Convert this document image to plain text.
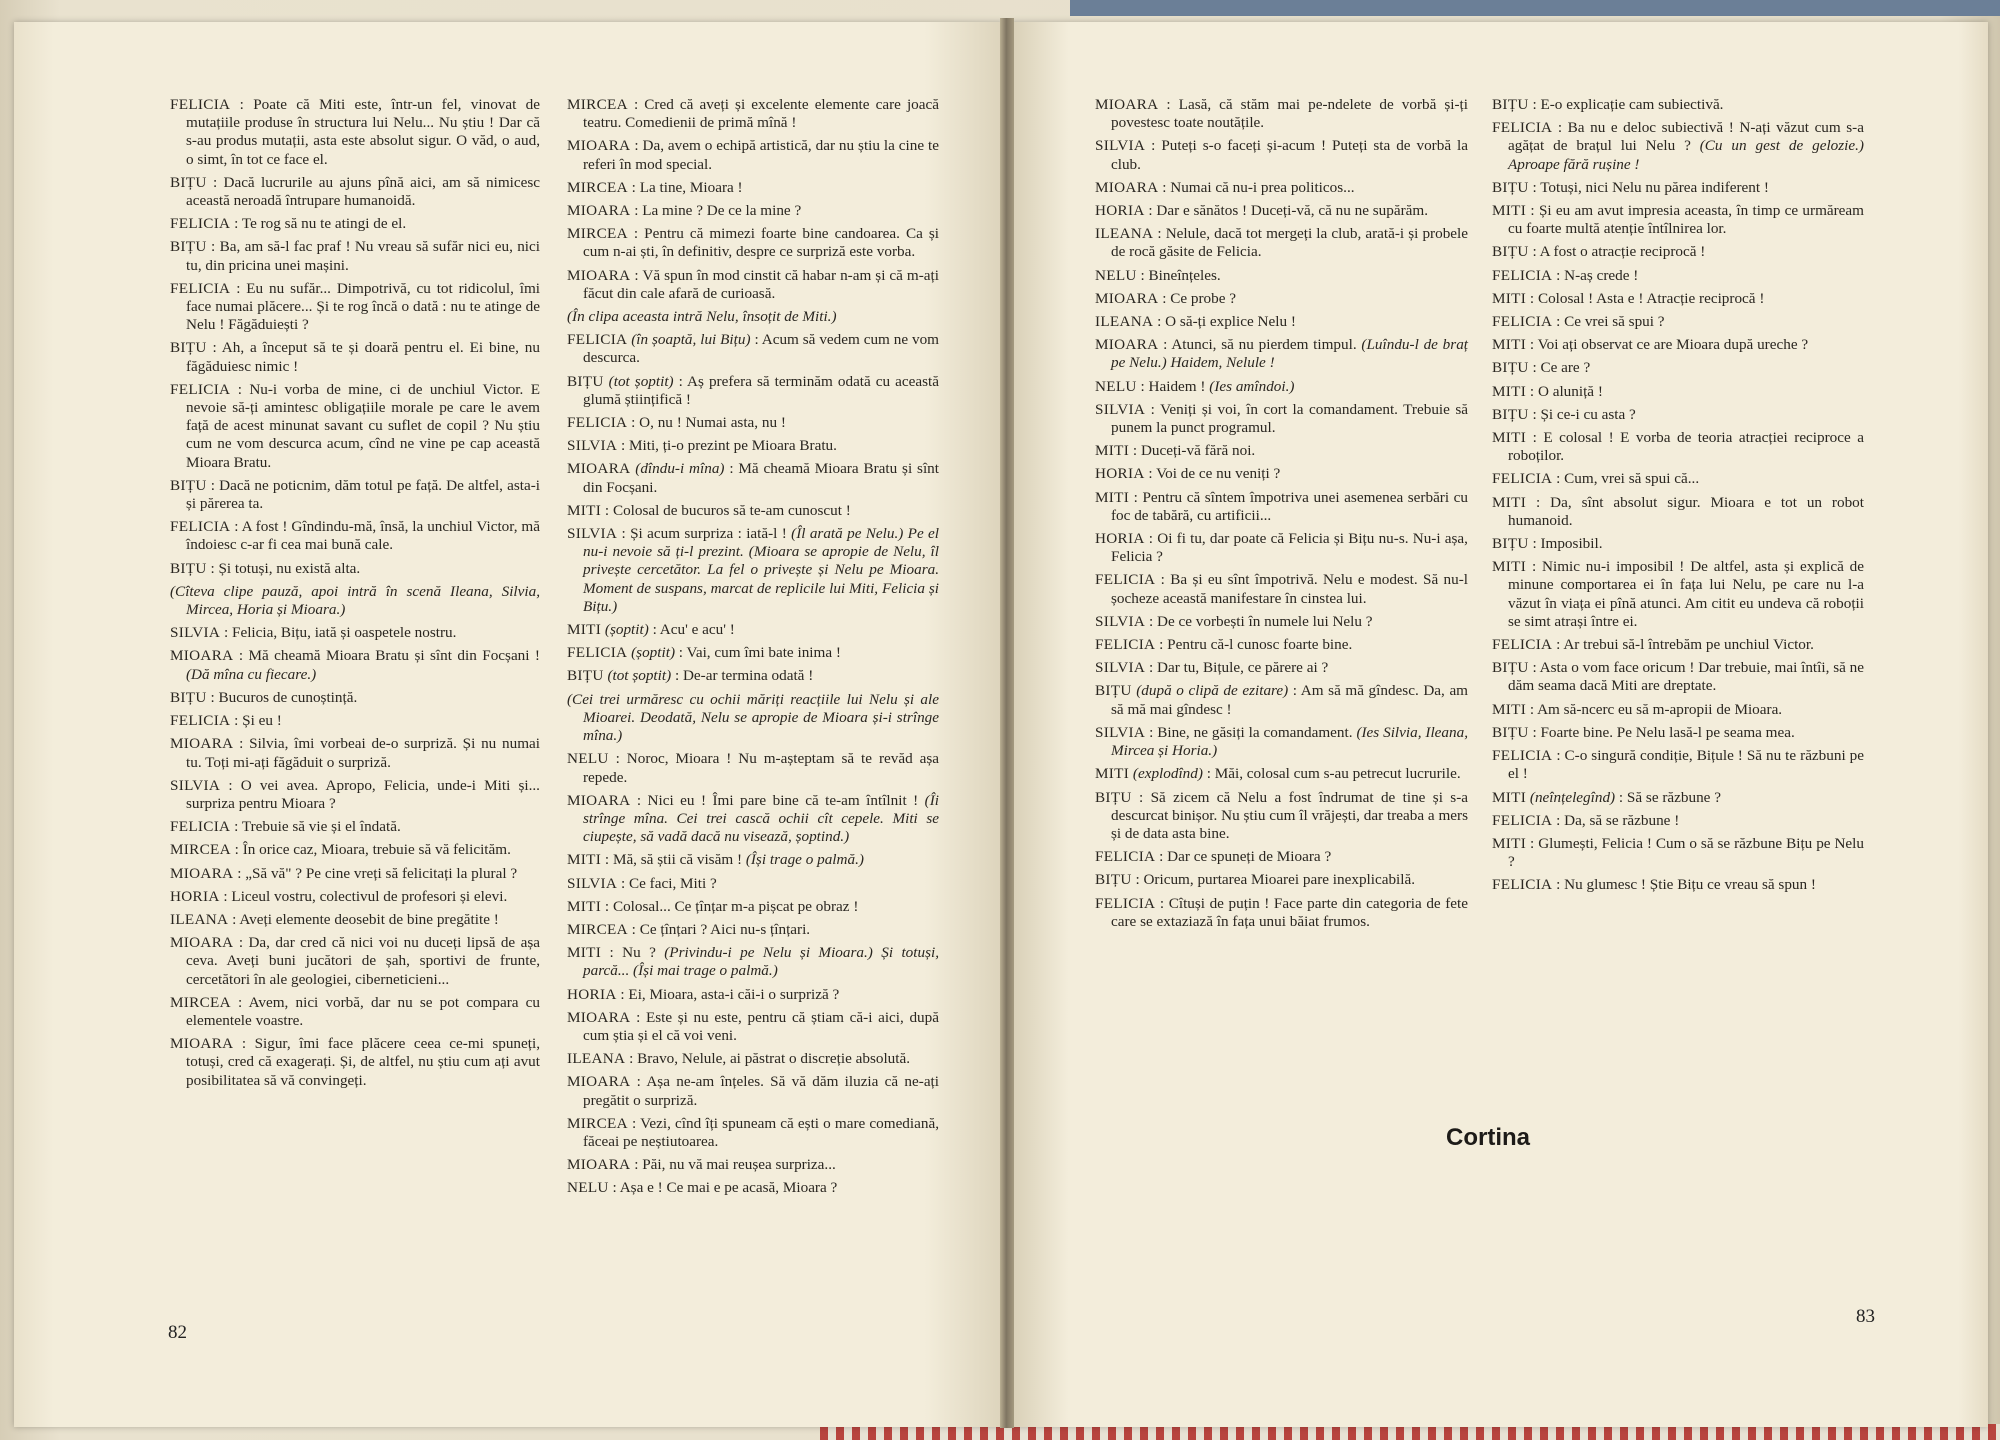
FELICIA : Poate că Miti este, într-un fel, vinovat de mutațiile produse în structura lui Nelu... Nu știu ! Dar că s-au produs mutații, asta este absolut sigur. O văd, o aud, o simt, în tot ce face el.

BIȚU : Dacă lucrurile au ajuns pînă aici, am să nimicesc această neroadă întrupare humanoidă.

FELICIA : Te rog să nu te atingi de el.

BIȚU : Ba, am să-l fac praf ! Nu vreau să sufăr nici eu, nici tu, din pricina unei mașini.

FELICIA : Eu nu sufăr... Dimpotrivă, cu tot ridicolul, îmi face numai plăcere... Și te rog încă o dată : nu te atinge de Nelu ! Făgăduiești ?

BIȚU : Ah, a început să te și doară pentru el. Ei bine, nu făgăduiesc nimic !

FELICIA : Nu-i vorba de mine, ci de unchiul Victor. E nevoie să-ți amintesc obligațiile morale pe care le avem față de acest minunat savant cu suflet de copil ? Nu știu cum ne vom descurca acum, cînd ne vine pe cap această Mioara Bratu.

BIȚU : Dacă ne poticnim, dăm totul pe față. De altfel, asta-i și părerea ta.

FELICIA : A fost ! Gîndindu-mă, însă, la unchiul Victor, mă îndoiesc c-ar fi cea mai bună cale.

BIȚU : Și totuși, nu există alta.

(Cîteva clipe pauză, apoi intră în scenă Ileana, Silvia, Mircea, Horia și Mioara.)

SILVIA : Felicia, Bițu, iată și oaspetele nostru.

MIOARA : Mă cheamă Mioara Bratu și sînt din Focșani ! (Dă mîna cu fiecare.)

BIȚU : Bucuros de cunoștință.

FELICIA : Și eu !

MIOARA : Silvia, îmi vorbeai de-o surpriză. Și nu numai tu. Toți mi-ați făgăduit o surpriză.

SILVIA : O vei avea. Apropo, Felicia, unde-i Miti și... surpriza pentru Mioara ?

FELICIA : Trebuie să vie și el îndată.

MIRCEA : În orice caz, Mioara, trebuie să vă felicităm.

MIOARA : „Să vă" ? Pe cine vreți să felicitați la plural ?

HORIA : Liceul vostru, colectivul de profesori și elevi.

ILEANA : Aveți elemente deosebit de bine pregătite !

MIOARA : Da, dar cred că nici voi nu duceți lipsă de așa ceva. Aveți buni jucători de șah, sportivi de frunte, cercetători în ale geologiei, ciberneticieni...

MIRCEA : Avem, nici vorbă, dar nu se pot compara cu elementele voastre.

MIOARA : Sigur, îmi face plăcere ceea ce-mi spuneți, totuși, cred că exagerați. Și, de altfel, nu știu cum ați avut posibilitatea să vă convingeți.

MIRCEA : Cred că aveți și excelente elemente care joacă teatru. Comedienii de primă mînă !

MIOARA : Da, avem o echipă artistică, dar nu știu la cine te referi în mod special.

MIRCEA : La tine, Mioara !

MIOARA : La mine ? De ce la mine ?

MIRCEA : Pentru că mimezi foarte bine candoarea. Ca și cum n-ai ști, în definitiv, despre ce surpriză este vorba.

MIOARA : Vă spun în mod cinstit că habar n-am și că m-ați făcut din cale afară de curioasă.

(În clipa aceasta intră Nelu, însoțit de Miti.)

FELICIA (în șoaptă, lui Bițu) : Acum să vedem cum ne vom descurca.

BIȚU (tot șoptit) : Aș prefera să terminăm odată cu această glumă științifică !

FELICIA : O, nu ! Numai asta, nu !

SILVIA : Miti, ți-o prezint pe Mioara Bratu.

MIOARA (dîndu-i mîna) : Mă cheamă Mioara Bratu și sînt din Focșani.

MITI : Colosal de bucuros să te-am cunoscut !

SILVIA : Și acum surpriza : iată-l ! (Îl arată pe Nelu.) Pe el nu-i nevoie să ți-l prezint. (Mioara se apropie de Nelu, îl privește cercetător. La fel o privește și Nelu pe Mioara. Moment de suspans, marcat de replicile lui Miti, Felicia și Bițu.)

MITI (șoptit) : Acu' e acu' !

FELICIA (șoptit) : Vai, cum îmi bate inima !

BIȚU (tot șoptit) : De-ar termina odată !

(Cei trei urmăresc cu ochii măriți reacțiile lui Nelu și ale Mioarei. Deodată, Nelu se apropie de Mioara și-i strînge mîna.)

NELU : Noroc, Mioara ! Nu m-așteptam să te revăd așa repede.

MIOARA : Nici eu ! Îmi pare bine că te-am întîlnit ! (Îi strînge mîna. Cei trei cască ochii cît cepele. Miti se ciupește, să vadă dacă nu visează, șoptind.)

MITI : Mă, să știi că visăm ! (Își trage o palmă.)

SILVIA : Ce faci, Miti ?

MITI : Colosal... Ce țînțar m-a pișcat pe obraz !

MIRCEA : Ce țînțari ? Aici nu-s țînțari.

MITI : Nu ? (Privindu-i pe Nelu și Mioara.) Și totuși, parcă... (Își mai trage o palmă.)

HORIA : Ei, Mioara, asta-i căi-i o surpriză ?

MIOARA : Este și nu este, pentru că știam că-i aici, după cum știa și el că voi veni.

ILEANA : Bravo, Nelule, ai păstrat o discreție absolută.

MIOARA : Așa ne-am înțeles. Să vă dăm iluzia că ne-ați pregătit o surpriză.

MIRCEA : Vezi, cînd îți spuneam că ești o mare comediană, făceai pe neștiutoarea.

MIOARA : Păi, nu vă mai reușea surpriza...

NELU : Așa e ! Ce mai e pe acasă, Mioara ?

MIOARA : Lasă, că stăm mai pe-ndelete de vorbă și-ți povestesc toate noutățile.

SILVIA : Puteți s-o faceți și-acum ! Puteți sta de vorbă la club.

MIOARA : Numai că nu-i prea politicos...

HORIA : Dar e sănătos ! Duceți-vă, că nu ne supărăm.

ILEANA : Nelule, dacă tot mergeți la club, arată-i și probele de rocă găsite de Felicia.

NELU : Bineînțeles.

MIOARA : Ce probe ?

ILEANA : O să-ți explice Nelu !

MIOARA : Atunci, să nu pierdem timpul. (Luîndu-l de braț pe Nelu.) Haidem, Nelule !

NELU : Haidem ! (Ies amîndoi.)

SILVIA : Veniți și voi, în cort la comandament. Trebuie să punem la punct programul.

MITI : Duceți-vă fără noi.

HORIA : Voi de ce nu veniți ?

MITI : Pentru că sîntem împotriva unei asemenea serbări cu foc de tabără, cu artificii...

HORIA : Oi fi tu, dar poate că Felicia și Bițu nu-s. Nu-i așa, Felicia ?

FELICIA : Ba și eu sînt împotrivă. Nelu e modest. Să nu-l șocheze această manifestare în cinstea lui.

SILVIA : De ce vorbești în numele lui Nelu ?

FELICIA : Pentru că-l cunosc foarte bine.

SILVIA : Dar tu, Bițule, ce părere ai ?

BIȚU (după o clipă de ezitare) : Am să mă gîndesc. Da, am să mă mai gîndesc !

SILVIA : Bine, ne găsiți la comandament. (Ies Silvia, Ileana, Mircea și Horia.)

MITI (explodînd) : Măi, colosal cum s-au petrecut lucrurile.

BIȚU : Să zicem că Nelu a fost îndrumat de tine și s-a descurcat binișor. Nu știu cum îl vrăjești, dar treaba a mers și de data asta bine.

FELICIA : Dar ce spuneți de Mioara ?

BIȚU : Oricum, purtarea Mioarei pare inexplicabilă.

FELICIA : Cîtuși de puțin ! Face parte din categoria de fete care se extaziază în fața unui băiat frumos.

BIȚU : E-o explicație cam subiectivă.

FELICIA : Ba nu e deloc subiectivă ! N-ați văzut cum s-a agățat de brațul lui Nelu ? (Cu un gest de gelozie.) Aproape fără rușine !

BIȚU : Totuși, nici Nelu nu părea indiferent !

MITI : Și eu am avut impresia aceasta, în timp ce urmăream cu foarte multă atenție întîlnirea lor.

BIȚU : A fost o atracție reciprocă !

FELICIA : N-aș crede !

MITI : Colosal ! Asta e ! Atracție reciprocă !

FELICIA : Ce vrei să spui ?

MITI : Voi ați observat ce are Mioara după ureche ?

BIȚU : Ce are ?

MITI : O aluniță !

BIȚU : Și ce-i cu asta ?

MITI : E colosal ! E vorba de teoria atracției reciproce a roboților.

FELICIA : Cum, vrei să spui că...

MITI : Da, sînt absolut sigur. Mioara e tot un robot humanoid.

BIȚU : Imposibil.

MITI : Nimic nu-i imposibil ! De altfel, asta și explică de minune comportarea ei în fața lui Nelu, pe care nu l-a văzut în viața ei pînă atunci. Am citit eu undeva că roboții se simt atrași între ei.

FELICIA : Ar trebui să-l întrebăm pe unchiul Victor.

BIȚU : Asta o vom face oricum ! Dar trebuie, mai întîi, să ne dăm seama dacă Miti are dreptate.

MITI : Am să-ncerc eu să m-apropii de Mioara.

BIȚU : Foarte bine. Pe Nelu lasă-l pe seama mea.

FELICIA : C-o singură condiție, Bițule ! Să nu te răzbuni pe el !

MITI (neînțelegînd) : Să se răzbune ?

FELICIA : Da, să se răzbune !

MITI : Glumești, Felicia ! Cum o să se răzbune Bițu pe Nelu ?

FELICIA : Nu glumesc ! Știe Bițu ce vreau să spun !

82
83
Cortina
